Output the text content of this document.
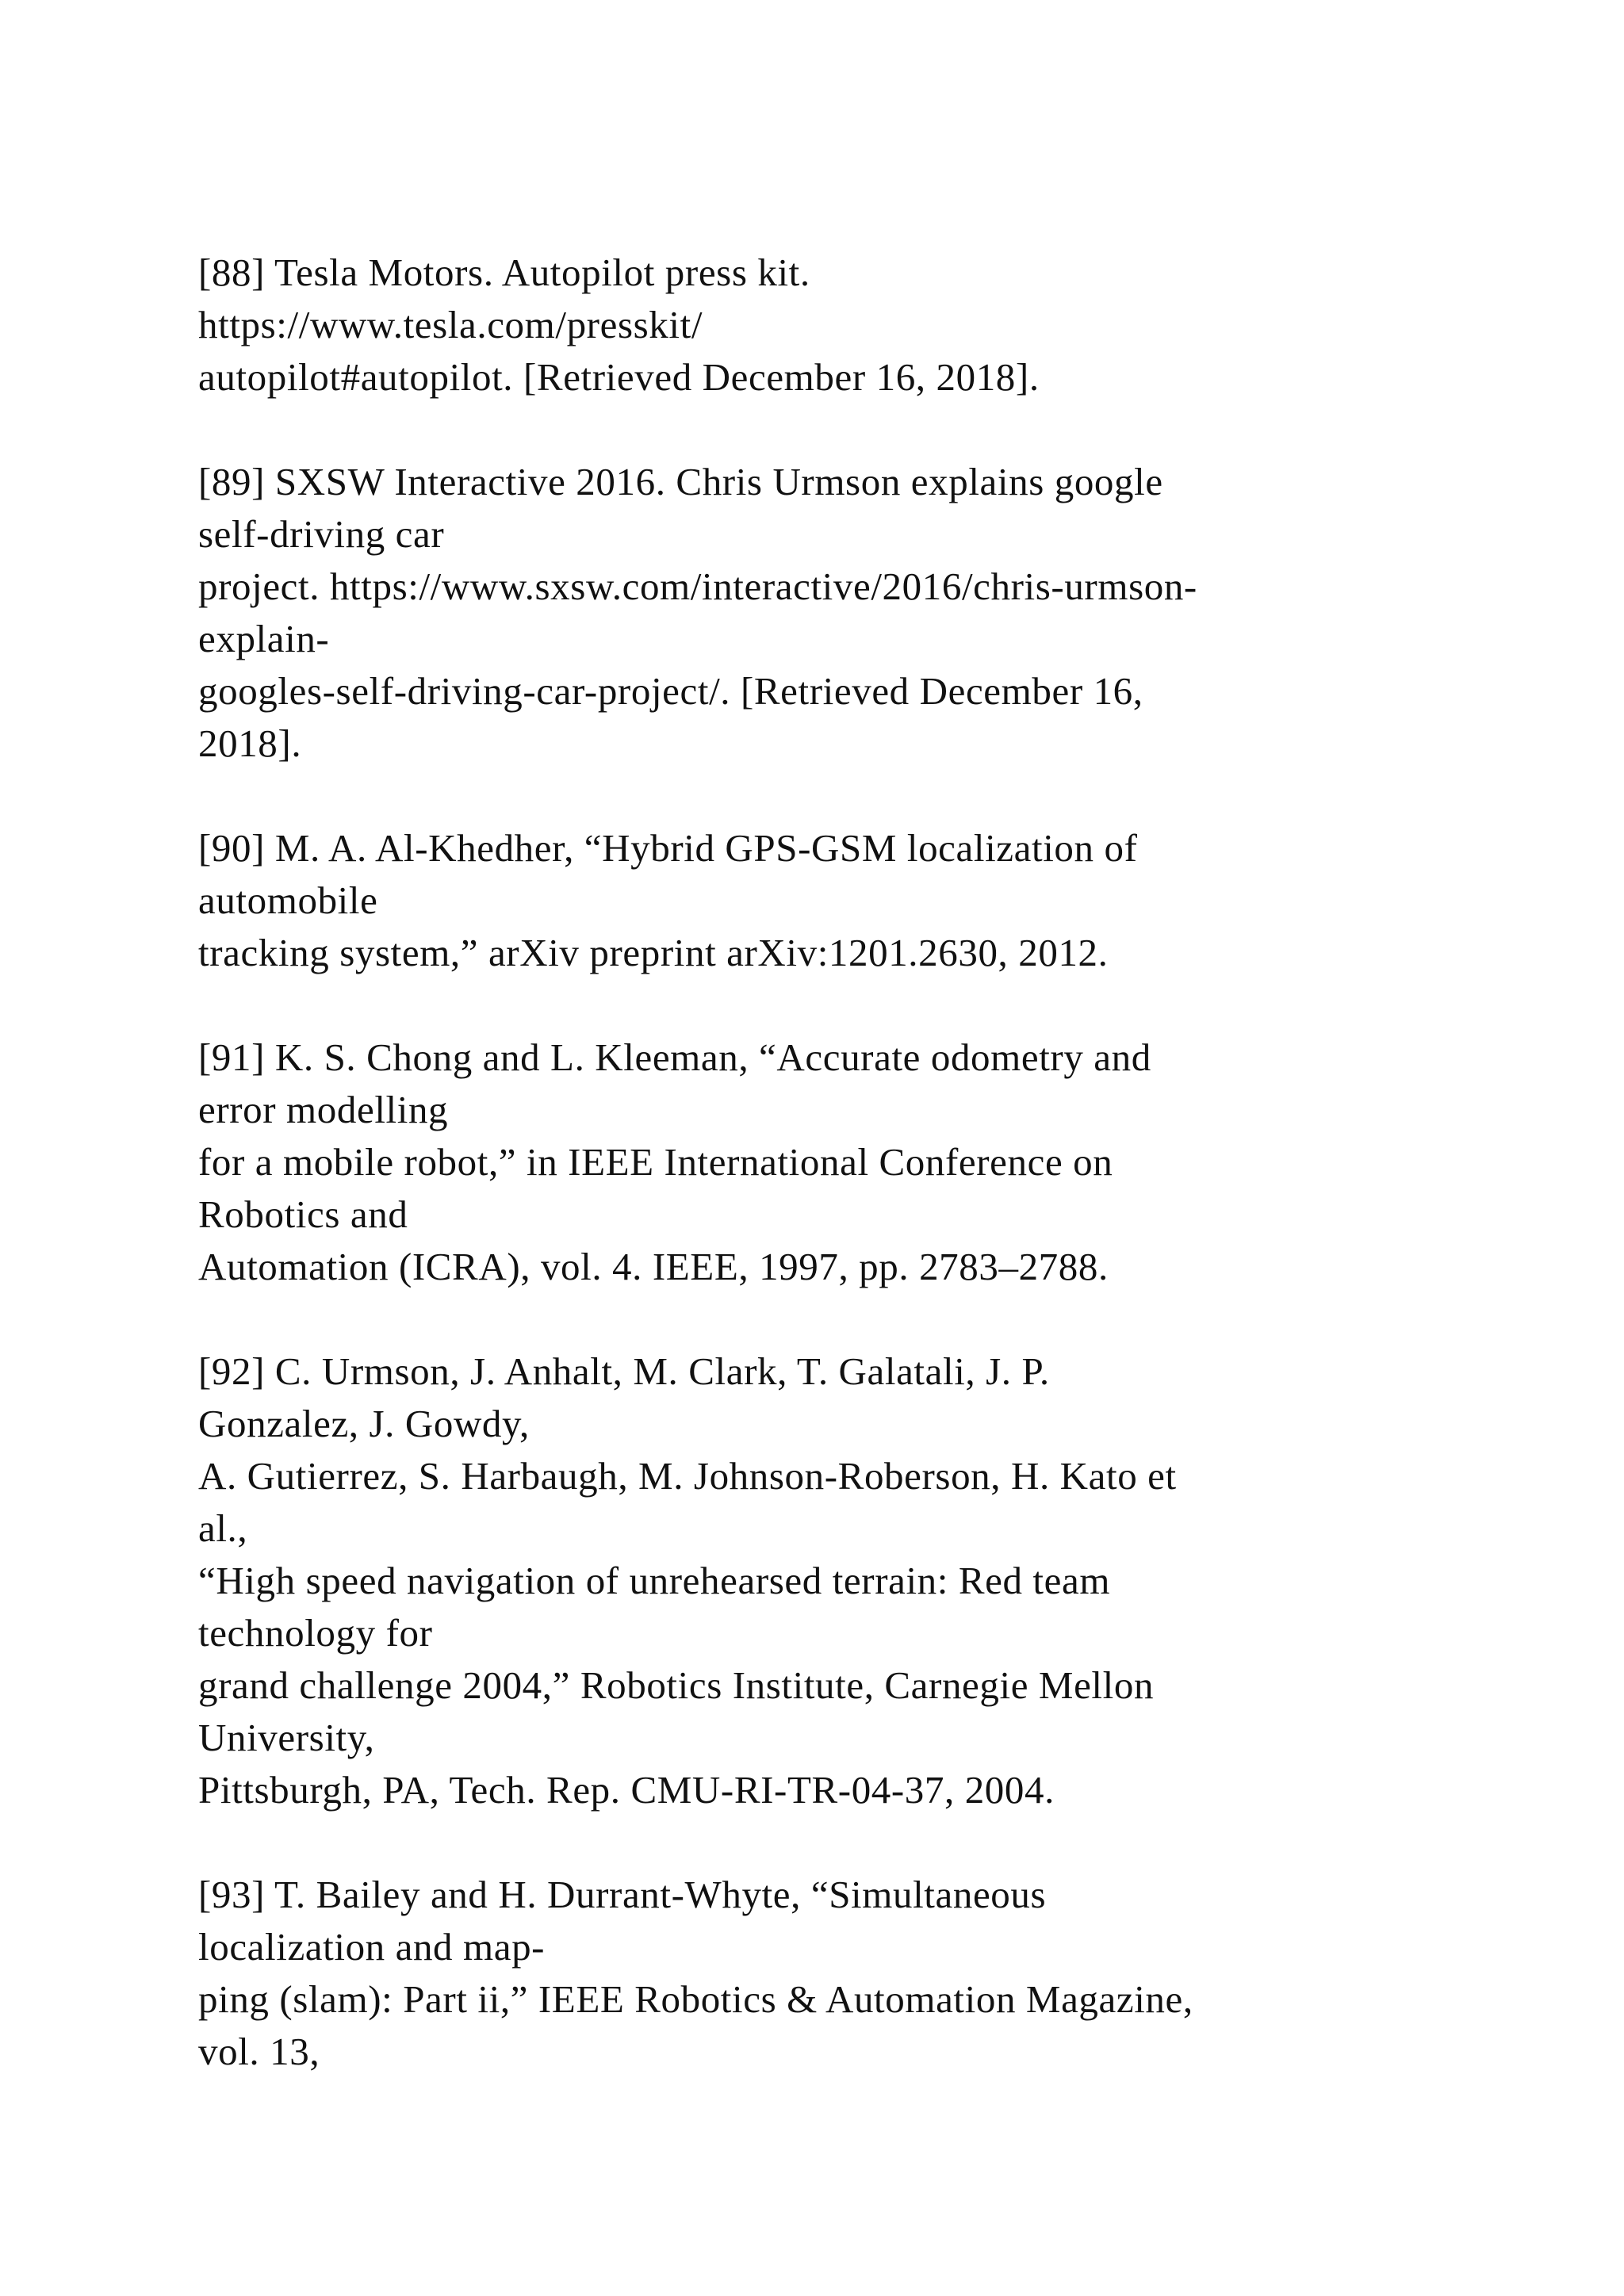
[88] Tesla Motors. Autopilot press kit.
https://www.tesla.com/presskit/
autopilot#autopilot. [Retrieved December 16, 2018].
[89] SXSW Interactive 2016. Chris Urmson explains google
self-driving car
project. https://www.sxsw.com/interactive/2016/chris-urmson-
explain-
googles-self-driving-car-project/. [Retrieved December 16,
2018].
[90] M. A. Al-Khedher, “Hybrid GPS-GSM localization of
automobile
tracking system,” arXiv preprint arXiv:1201.2630, 2012.
[91] K. S. Chong and L. Kleeman, “Accurate odometry and
error modelling
for a mobile robot,” in IEEE International Conference on
Robotics and
Automation (ICRA), vol. 4. IEEE, 1997, pp. 2783–2788.
[92] C. Urmson, J. Anhalt, M. Clark, T. Galatali, J. P.
Gonzalez, J. Gowdy,
A. Gutierrez, S. Harbaugh, M. Johnson-Roberson, H. Kato et
al.,
“High speed navigation of unrehearsed terrain: Red team
technology for
grand challenge 2004,” Robotics Institute, Carnegie Mellon
University,
Pittsburgh, PA, Tech. Rep. CMU-RI-TR-04-37, 2004.
[93] T. Bailey and H. Durrant-Whyte, “Simultaneous
localization and map-
ping (slam): Part ii,” IEEE Robotics & Automation Magazine,
vol. 13,
